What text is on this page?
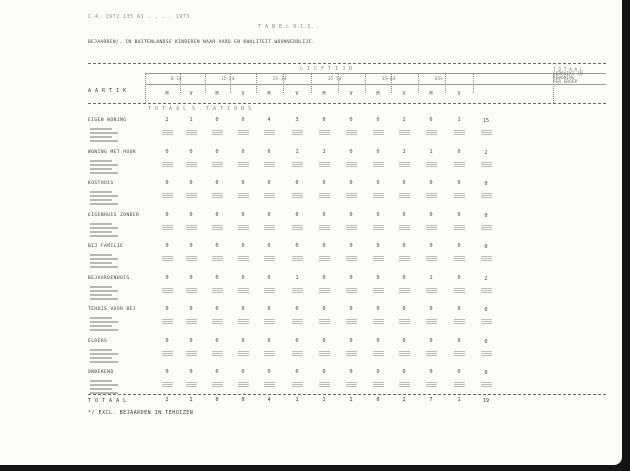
C.4. 1972 135 61 . . . . 1973
T A B E L 9.1.3.
BEJAARDEN/. IN BUITENLANDSE KINDEREN NAAR AARD EN KWALITEIT WOONVERBLIJF.
L I C F T I J D
A A R T I K
T O T A A L S . T A T I O N S
T O T A A L
GEBRUIKT IN
BEWONING
PER GROEP
T O T A A L
*/ EXCL. BEJAARDEN IN TEHUIZEN
M	V	M	V	M	V	M	V	M	V	M	V
0-14	15-24	25-34	35-54	55-64	65+
EIGEN WONING	2	1	0	0	4	3	0	0	0	2	6	1	15
WONING MET HUUR	0	0	0	0	0	1	1	0	0	1	1	0	2
KOSTHUIS	0	0	0	0	0	0	0	0	0	0	0	0	0
EIGENHUIS ZONDER	0	0	0	0	0	0	0	0	0	0	0	0	0
BIJ FAMILIE	0	0	0	0	0	0	0	0	0	0	0	0	0
BEJAARDENHUIS	0	0	0	0	0	1	0	0	0	0	1	0	2
TEHUIS VOOR BEJ	0	0	0	0	0	0	0	0	0	0	0	0	0
ELDERS	0	0	0	0	0	0	0	0	0	0	0	0	0
ONBEKEND	0	0	0	0	0	0	0	0	0	0	0	0	0
2	1	0	0	4	1	1	1	0	2	7	1	19
